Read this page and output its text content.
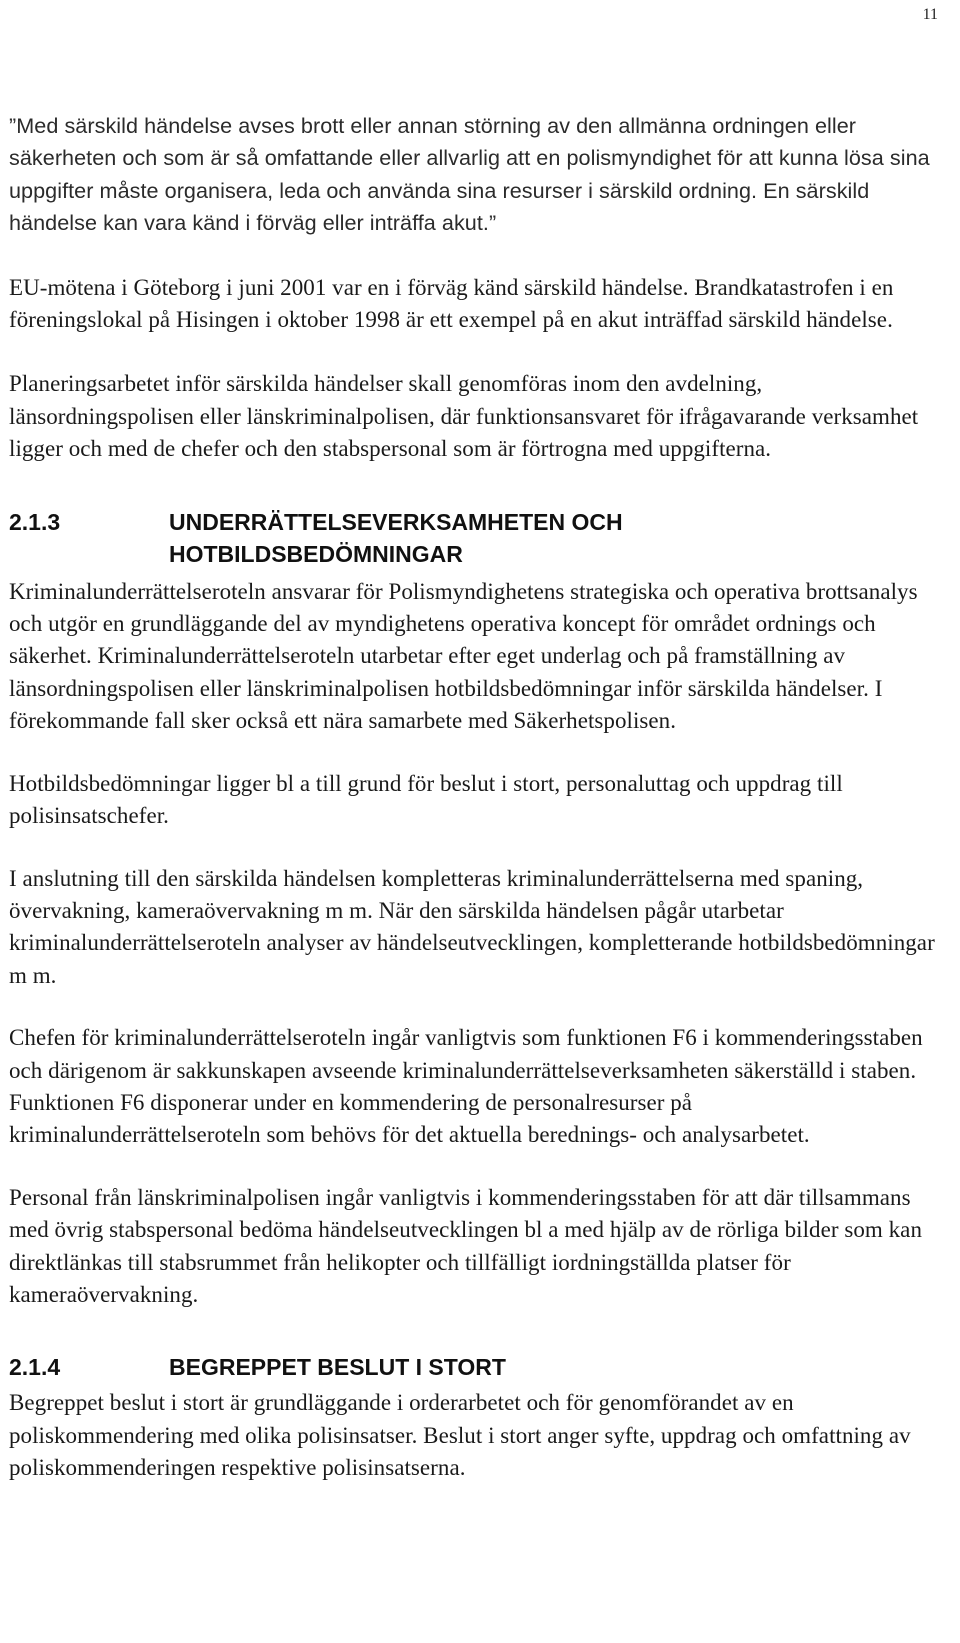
11

”Med särskild händelse avses brott eller annan störning av den allmänna ordningen eller säkerheten och som är så omfattande eller allvarlig att en polismyndighet för att kunna lösa sina uppgifter måste organisera, leda och använda sina resurser i särskild ordning. En särskild händelse kan vara känd i förväg eller inträffa akut.”

EU-mötena i Göteborg i juni 2001 var en i förväg känd särskild händelse. Brandkatastrofen i en föreningslokal på Hisingen i oktober 1998 är ett exempel på en akut inträffad särskild händelse.

Planeringsarbetet inför särskilda händelser skall genomföras inom den avdelning, länsordningspolisen eller länskriminalpolisen, där funktionsansvaret för ifrågavarande verksamhet ligger och med de chefer och den stabspersonal som är förtrogna med uppgifterna.

2.1.3	UNDERRÄTTELSEVERKSAMHETEN OCH
HOTBILDSBEDÖMNINGAR

Kriminalunderrättelseroteln ansvarar för Polismyndighetens strategiska och operativa brottsanalys och utgör en grundläggande del av myndighetens operativa koncept för området ordnings och säkerhet. Kriminalunderrättelseroteln utarbetar efter eget underlag och på framställning av länsordningspolisen eller länskriminalpolisen hotbildsbedömningar inför särskilda händelser. I förekommande fall sker också ett nära samarbete med Säkerhetspolisen.

Hotbildsbedömningar ligger bl a till grund för beslut i stort, personaluttag och uppdrag till polisinsatschefer.

I anslutning till den särskilda händelsen kompletteras kriminalunderrättelserna med spaning, övervakning, kameraövervakning m m. När den särskilda händelsen pågår utarbetar kriminalunderrättelseroteln analyser av händelseutvecklingen, kompletterande hotbildsbedömningar m m.

Chefen för kriminalunderrättelseroteln ingår vanligtvis som funktionen F6 i kommenderingsstaben och därigenom är sakkunskapen avseende kriminalunderrättelseverksamheten säkerställd i staben. Funktionen F6 disponerar under en kommendering de personalresurser på kriminalunderrättelseroteln som behövs för det aktuella berednings- och analysarbetet.

Personal från länskriminalpolisen ingår vanligtvis i kommenderingsstaben för att där tillsammans med övrig stabspersonal bedöma händelseutvecklingen bl a med hjälp av de rörliga bilder som kan direktlänkas till stabsrummet från helikopter och tillfälligt iordningställda platser för kameraövervakning.

2.1.4	BEGREPPET BESLUT I STORT

Begreppet beslut i stort är grundläggande i orderarbetet och för genomförandet av en poliskommendering med olika polisinsatser. Beslut i stort anger syfte, uppdrag och omfattning av poliskommenderingen respektive polisinsatserna.
